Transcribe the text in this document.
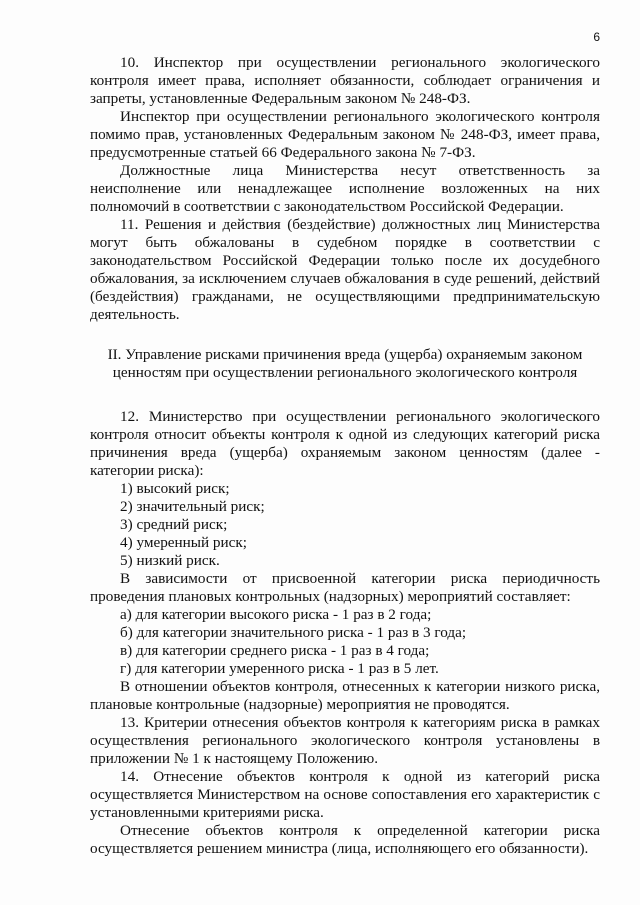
6

10. Инспектор при осуществлении регионального экологического контроля имеет права, исполняет обязанности, соблюдает ограничения и запреты, установленные Федеральным законом № 248-ФЗ.

Инспектор при осуществлении регионального экологического контроля помимо прав, установленных Федеральным законом № 248-ФЗ, имеет права, предусмотренные статьей 66 Федерального закона № 7-ФЗ.

Должностные лица Министерства несут ответственность за неисполнение или ненадлежащее исполнение возложенных на них полномочий в соответствии с законодательством Российской Федерации.

11. Решения и действия (бездействие) должностных лиц Министерства могут быть обжалованы в судебном порядке в соответствии с законодательством Российской Федерации только после их досудебного обжалования, за исключением случаев обжалования в суде решений, действий (бездействия) гражданами, не осуществляющими предпринимательскую деятельность.

II. Управление рисками причинения вреда (ущерба) охраняемым законом ценностям при осуществлении регионального экологического контроля

12. Министерство при осуществлении регионального экологического контроля относит объекты контроля к одной из следующих категорий риска причинения вреда (ущерба) охраняемым законом ценностям (далее - категории риска):

1) высокий риск;

2) значительный риск;

3) средний риск;

4) умеренный риск;

5) низкий риск.

В зависимости от присвоенной категории риска периодичность проведения плановых контрольных (надзорных) мероприятий составляет:

а) для категории высокого риска - 1 раз в 2 года;

б) для категории значительного риска - 1 раз в 3 года;

в) для категории среднего риска - 1 раз в 4 года;

г) для категории умеренного риска - 1 раз в 5 лет.

В отношении объектов контроля, отнесенных к категории низкого риска, плановые контрольные (надзорные) мероприятия не проводятся.

13. Критерии отнесения объектов контроля к категориям риска в рамках осуществления регионального экологического контроля установлены в приложении № 1 к настоящему Положению.

14. Отнесение объектов контроля к одной из категорий риска осуществляется Министерством на основе сопоставления его характеристик с установленными критериями риска.

Отнесение объектов контроля к определенной категории риска осуществляется решением министра (лица, исполняющего его обязанности).
